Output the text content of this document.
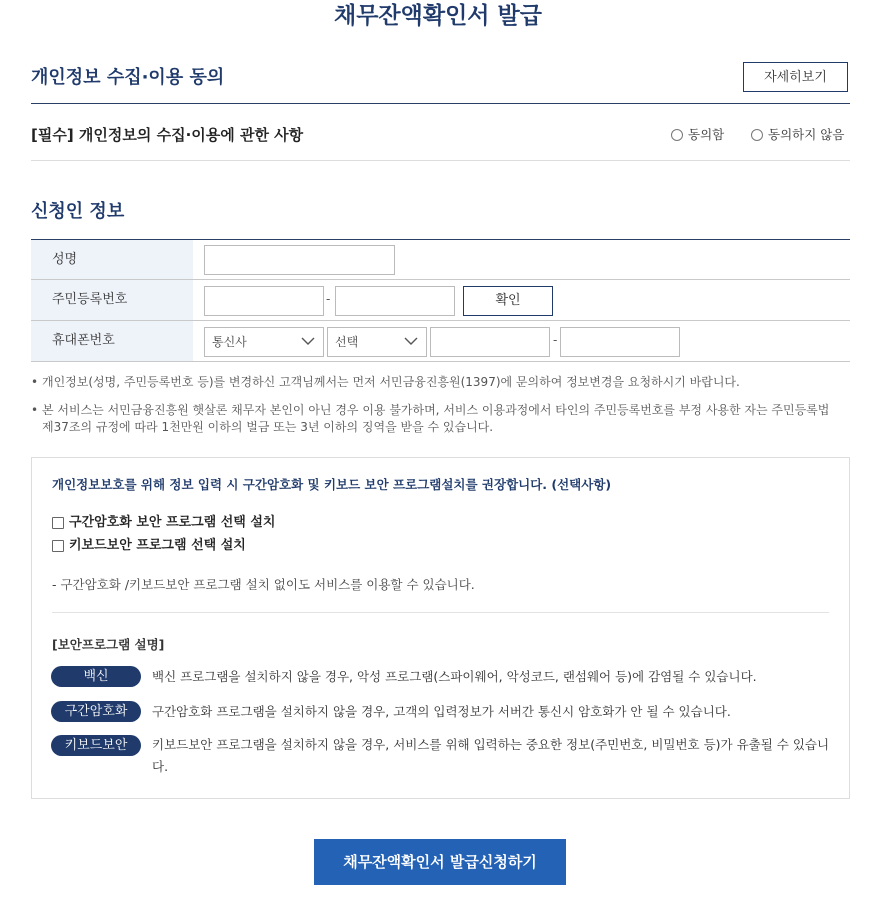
채무잔액확인서 발급
개인정보 수집·이용 동의	자세히보기
[필수] 개인정보의 수집·이용에 관한 사항	동의함	동의하지 않음
신청인 정보
성명
주민등록번호	-	확인
휴대폰번호	통신사	선택	-
• 개인정보(성명, 주민등록번호 등)를 변경하신 고객님께서는 먼저 서민금융진흥원(1397)에 문의하여 정보변경을 요청하시기 바랍니다.
• 본 서비스는 서민금융진흥원 햇살론 채무자 본인이 아닌 경우 이용 불가하며, 서비스 이용과정에서 타인의 주민등록번호를 부정 사용한 자는 주민등록법 제37조의 규정에 따라 1천만원 이하의 벌금 또는 3년 이하의 징역을 받을 수 있습니다.
개인정보보호를 위해 정보 입력 시 구간암호화 및 키보드 보안 프로그램설치를 권장합니다. (선택사항)
구간암호화 보안 프로그램 선택 설치
키보드보안 프로그램 선택 설치
- 구간암호화 /키보드보안 프로그램 설치 없이도 서비스를 이용할 수 있습니다.
[보안프로그램 설명]
백신	백신 프로그램을 설치하지 않을 경우, 악성 프로그램(스파이웨어, 악성코드, 랜섬웨어 등)에 감염될 수 있습니다.
구간암호화	구간암호화 프로그램을 설치하지 않을 경우, 고객의 입력정보가 서버간 통신시 암호화가 안 될 수 있습니다.
키보드보안	키보드보안 프로그램을 설치하지 않을 경우, 서비스를 위해 입력하는 중요한 정보(주민번호, 비밀번호 등)가 유출될 수 있습니다.
채무잔액확인서 발급신청하기
